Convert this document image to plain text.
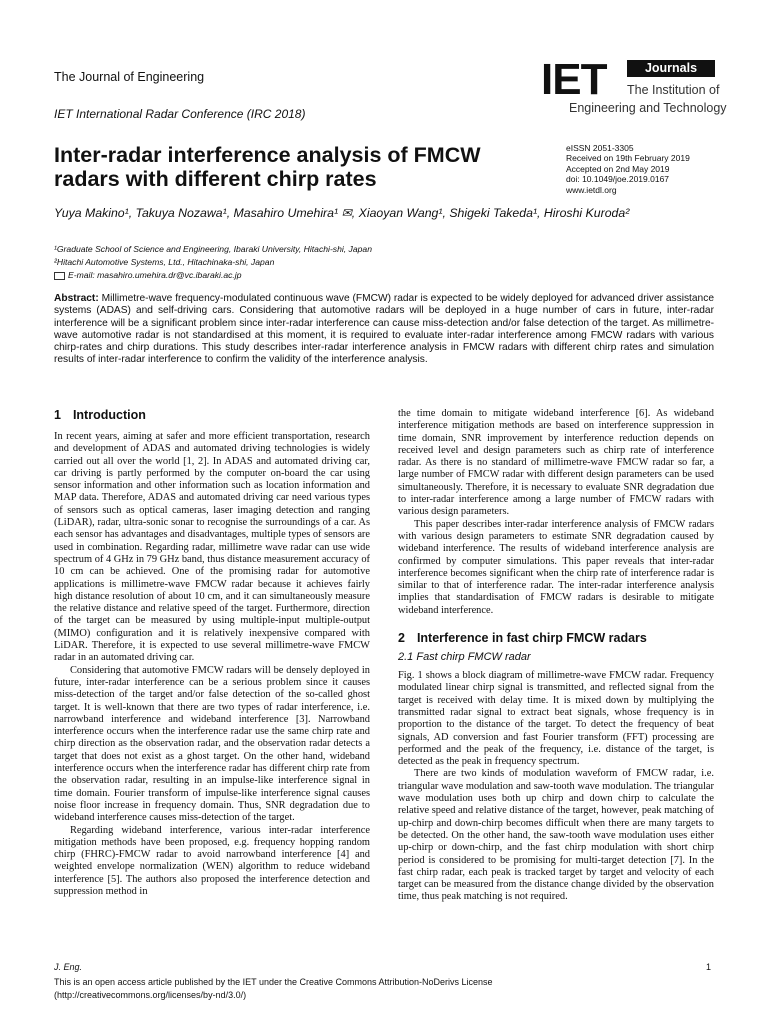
The Journal of Engineering
IET International Radar Conference (IRC 2018)
IET	Journals
The Institution of
Engineering and Technology
Inter-radar interference analysis of FMCW radars with different chirp rates
eISSN 2051-3305
Received on 19th February 2019
Accepted on 2nd May 2019
doi: 10.1049/joe.2019.0167
www.ietdl.org
Yuya Makino¹, Takuya Nozawa¹, Masahiro Umehira¹ ✉, Xiaoyan Wang¹, Shigeki Takeda¹, Hiroshi Kuroda²
¹Graduate School of Science and Engineering, Ibaraki University, Hitachi-shi, Japan
²Hitachi Automotive Systems, Ltd., Hitachinaka-shi, Japan
E-mail: masahiro.umehira.dr@vc.ibaraki.ac.jp

Abstract: Millimetre-wave frequency-modulated continuous wave (FMCW) radar is expected to be widely deployed for advanced driver assistance systems (ADAS) and self-driving cars. Considering that automotive radars will be deployed in a huge number of cars in future, inter-radar interference will be a significant problem since inter-radar interference can cause miss-detection and/or false detection of the target. As millimetre-wave automotive radar is not standardised at this moment, it is required to evaluate inter-radar interference among FMCW radars with various chirp-rates and chirp durations. This study describes inter-radar interference analysis in FMCW radars with different chirp rates and simulation results of inter-radar interference to confirm the validity of the interference analysis.

1 Introduction

In recent years, aiming at safer and more efficient transportation, research and development of ADAS and automated driving technologies is widely carried out all over the world [1, 2]. In ADAS and automated driving car, car driving is partly performed by the computer on-board the car using sensor information and other information such as location information and MAP data. Therefore, ADAS and automated driving car need various types of sensors such as optical cameras, laser imaging detection and ranging (LiDAR), radar, ultra-sonic sonar to recognise the surroundings of a car. As each sensor has advantages and disadvantages, multiple types of sensors are used in combination. Regarding radar, millimetre wave radar can use wide spectrum of 4 GHz in 79 GHz band, thus distance measurement accuracy of 10 cm can be achieved. One of the promising radar for automotive applications is millimetre-wave FMCW radar because it achieves fairly high distance resolution of about 10 cm, and it can simultaneously measure the relative distance and relative speed of the target. Furthermore, direction of the target can be measured by using multiple-input multiple-output (MIMO) configuration and it is relatively inexpensive compared with LiDAR. Therefore, it is expected to use several millimetre-wave FMCW radar in an automated driving car.

Considering that automotive FMCW radars will be densely deployed in future, inter-radar interference can be a serious problem since it causes miss-detection of the target and/or false detection of the so-called ghost target. It is well-known that there are two types of radar interference, i.e. narrowband interference and wideband interference [3]. Narrowband interference occurs when the interference radar use the same chirp rate and chirp direction as the observation radar, and the observation radar detects a target that does not exist as a ghost target. On the other hand, wideband interference occurs when the interference radar has different chirp rate from the observation radar, resulting in an impulse-like interference signal in time domain. Fourier transform of impulse-like interference signal causes noise floor increase in frequency domain. Thus, SNR degradation due to wideband interference causes miss-detection of the target.

Regarding wideband interference, various inter-radar interference mitigation methods have been proposed, e.g. frequency hopping random chirp (FHRC)-FMCW radar to avoid narrowband interference [4] and weighted envelope normalization (WEN) algorithm to reduce wideband interference [5]. The authors also proposed the interference detection and suppression method in

the time domain to mitigate wideband interference [6]. As wideband interference mitigation methods are based on interference suppression in time domain, SNR improvement by interference reduction depends on received level and design parameters such as chirp rate of interference radar. As there is no standard of millimetre-wave FMCW radar so far, a large number of FMCW radar with different design parameters can be used simultaneously. Therefore, it is necessary to evaluate SNR degradation due to inter-radar interference among a large number of FMCW radars with various design parameters.

This paper describes inter-radar interference analysis of FMCW radars with various design parameters to estimate SNR degradation caused by wideband interference. The results of wideband interference analysis are confirmed by computer simulations. This paper reveals that inter-radar interference becomes significant when the chirp rate of interference radar is similar to that of interference radar. The inter-radar interference analysis implies that standardisation of FMCW radars is desirable to mitigate wideband interference.

2 Interference in fast chirp FMCW radars
2.1 Fast chirp FMCW radar

Fig. 1 shows a block diagram of millimetre-wave FMCW radar. Frequency modulated linear chirp signal is transmitted, and reflected signal from the target is received with delay time. It is mixed down by multiplying the transmitted radar signal to extract beat signals, whose frequency is in proportion to the distance of the target. To detect the frequency of beat signals, AD conversion and fast Fourier transform (FFT) processing are performed and the peak of the frequency, i.e. distance of the target, is detected as the peak in frequency spectrum.

There are two kinds of modulation waveform of FMCW radar, i.e. triangular wave modulation and saw-tooth wave modulation. The triangular wave modulation uses both up chirp and down chirp to calculate the relative speed and relative distance of the target, however, peak matching of up-chirp and down-chirp becomes difficult when there are many targets to be detected. On the other hand, the saw-tooth wave modulation uses either up-chirp or down-chirp, and the fast chirp modulation with short chirp period is considered to be promising for multi-target detection [7]. In the fast chirp radar, each peak is tracked target by target and velocity of each target can be measured from the distance change divided by the observation time, thus peak matching is not required.

J. Eng.	1
This is an open access article published by the IET under the Creative Commons Attribution-NoDerivs License
(http://creativecommons.org/licenses/by-nd/3.0/)
